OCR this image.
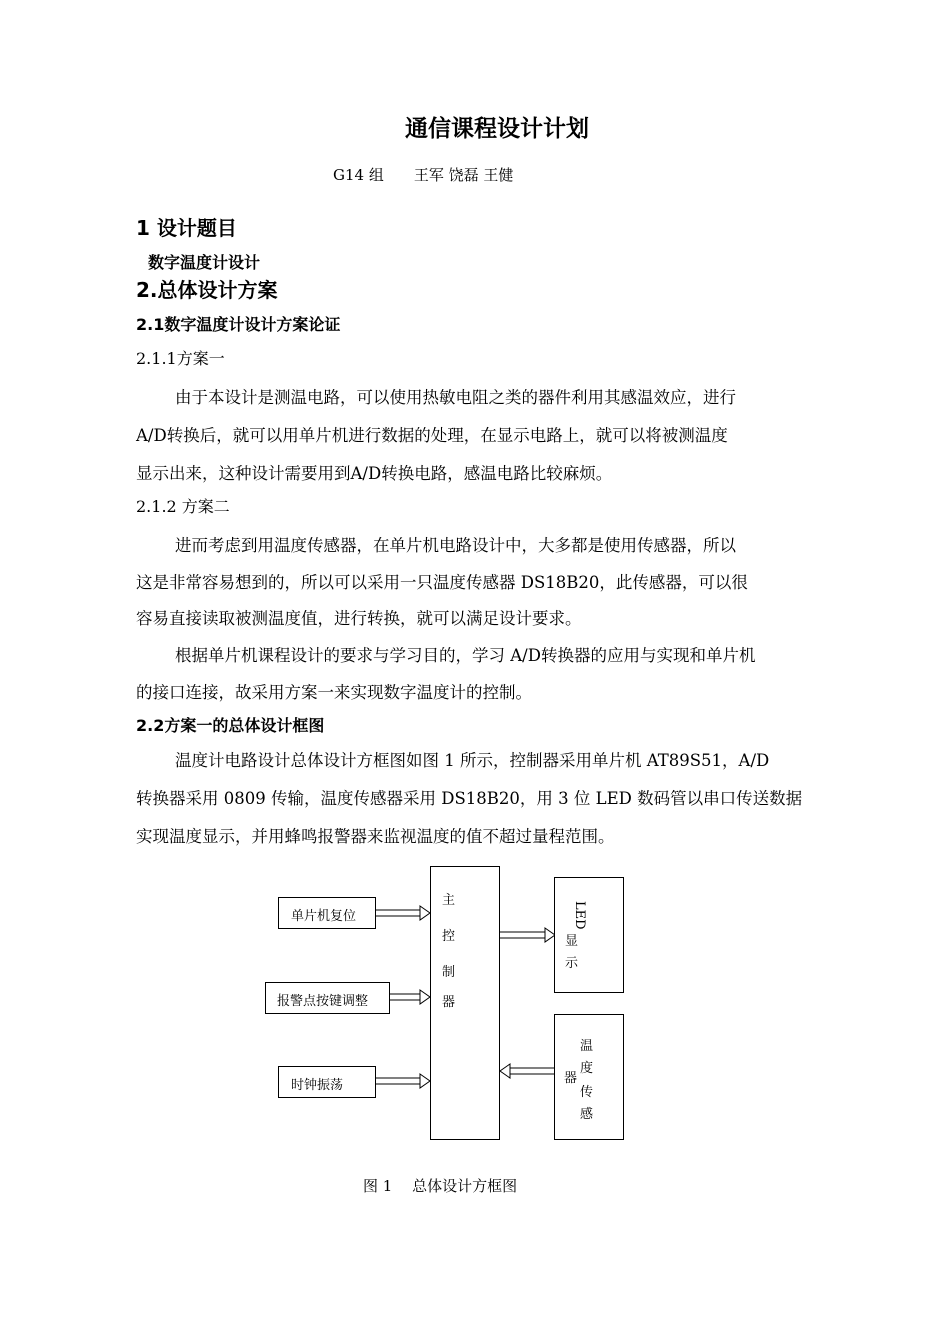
通信课程设计计划
G14 组　　王军 饶磊 王健
1 设计题目
数字温度计设计
2.总体设计方案
2.1数字温度计设计方案论证
2.1.1方案一
由于本设计是测温电路，可以使用热敏电阻之类的器件利用其感温效应，进行
A/D转换后，就可以用单片机进行数据的处理，在显示电路上，就可以将被测温度
显示出来，这种设计需要用到A/D转换电路，感温电路比较麻烦。
2.1.2 方案二
进而考虑到用温度传感器，在单片机电路设计中，大多都是使用传感器，所以
这是非常容易想到的，所以可以采用一只温度传感器 DS18B20，此传感器，可以很
容易直接读取被测温度值，进行转换，就可以满足设计要求。
根据单片机课程设计的要求与学习目的，学习 A/D转换器的应用与实现和单片机
的接口连接，故采用方案一来实现数字温度计的控制。
2.2方案一的总体设计框图
温度计电路设计总体设计方框图如图 1 所示，控制器采用单片机 AT89S51，A/D
转换器采用 0809 传输，温度传感器采用 DS18B20，用 3 位 LED 数码管以串口传送数据
实现温度显示，并用蜂鸣报警器来监视温度的值不超过量程范围。
单片机复位
报警点按键调整
时钟振荡
主
控
制
器
LED
显
示
温
度
传
感
器
图 1　 总体设计方框图
